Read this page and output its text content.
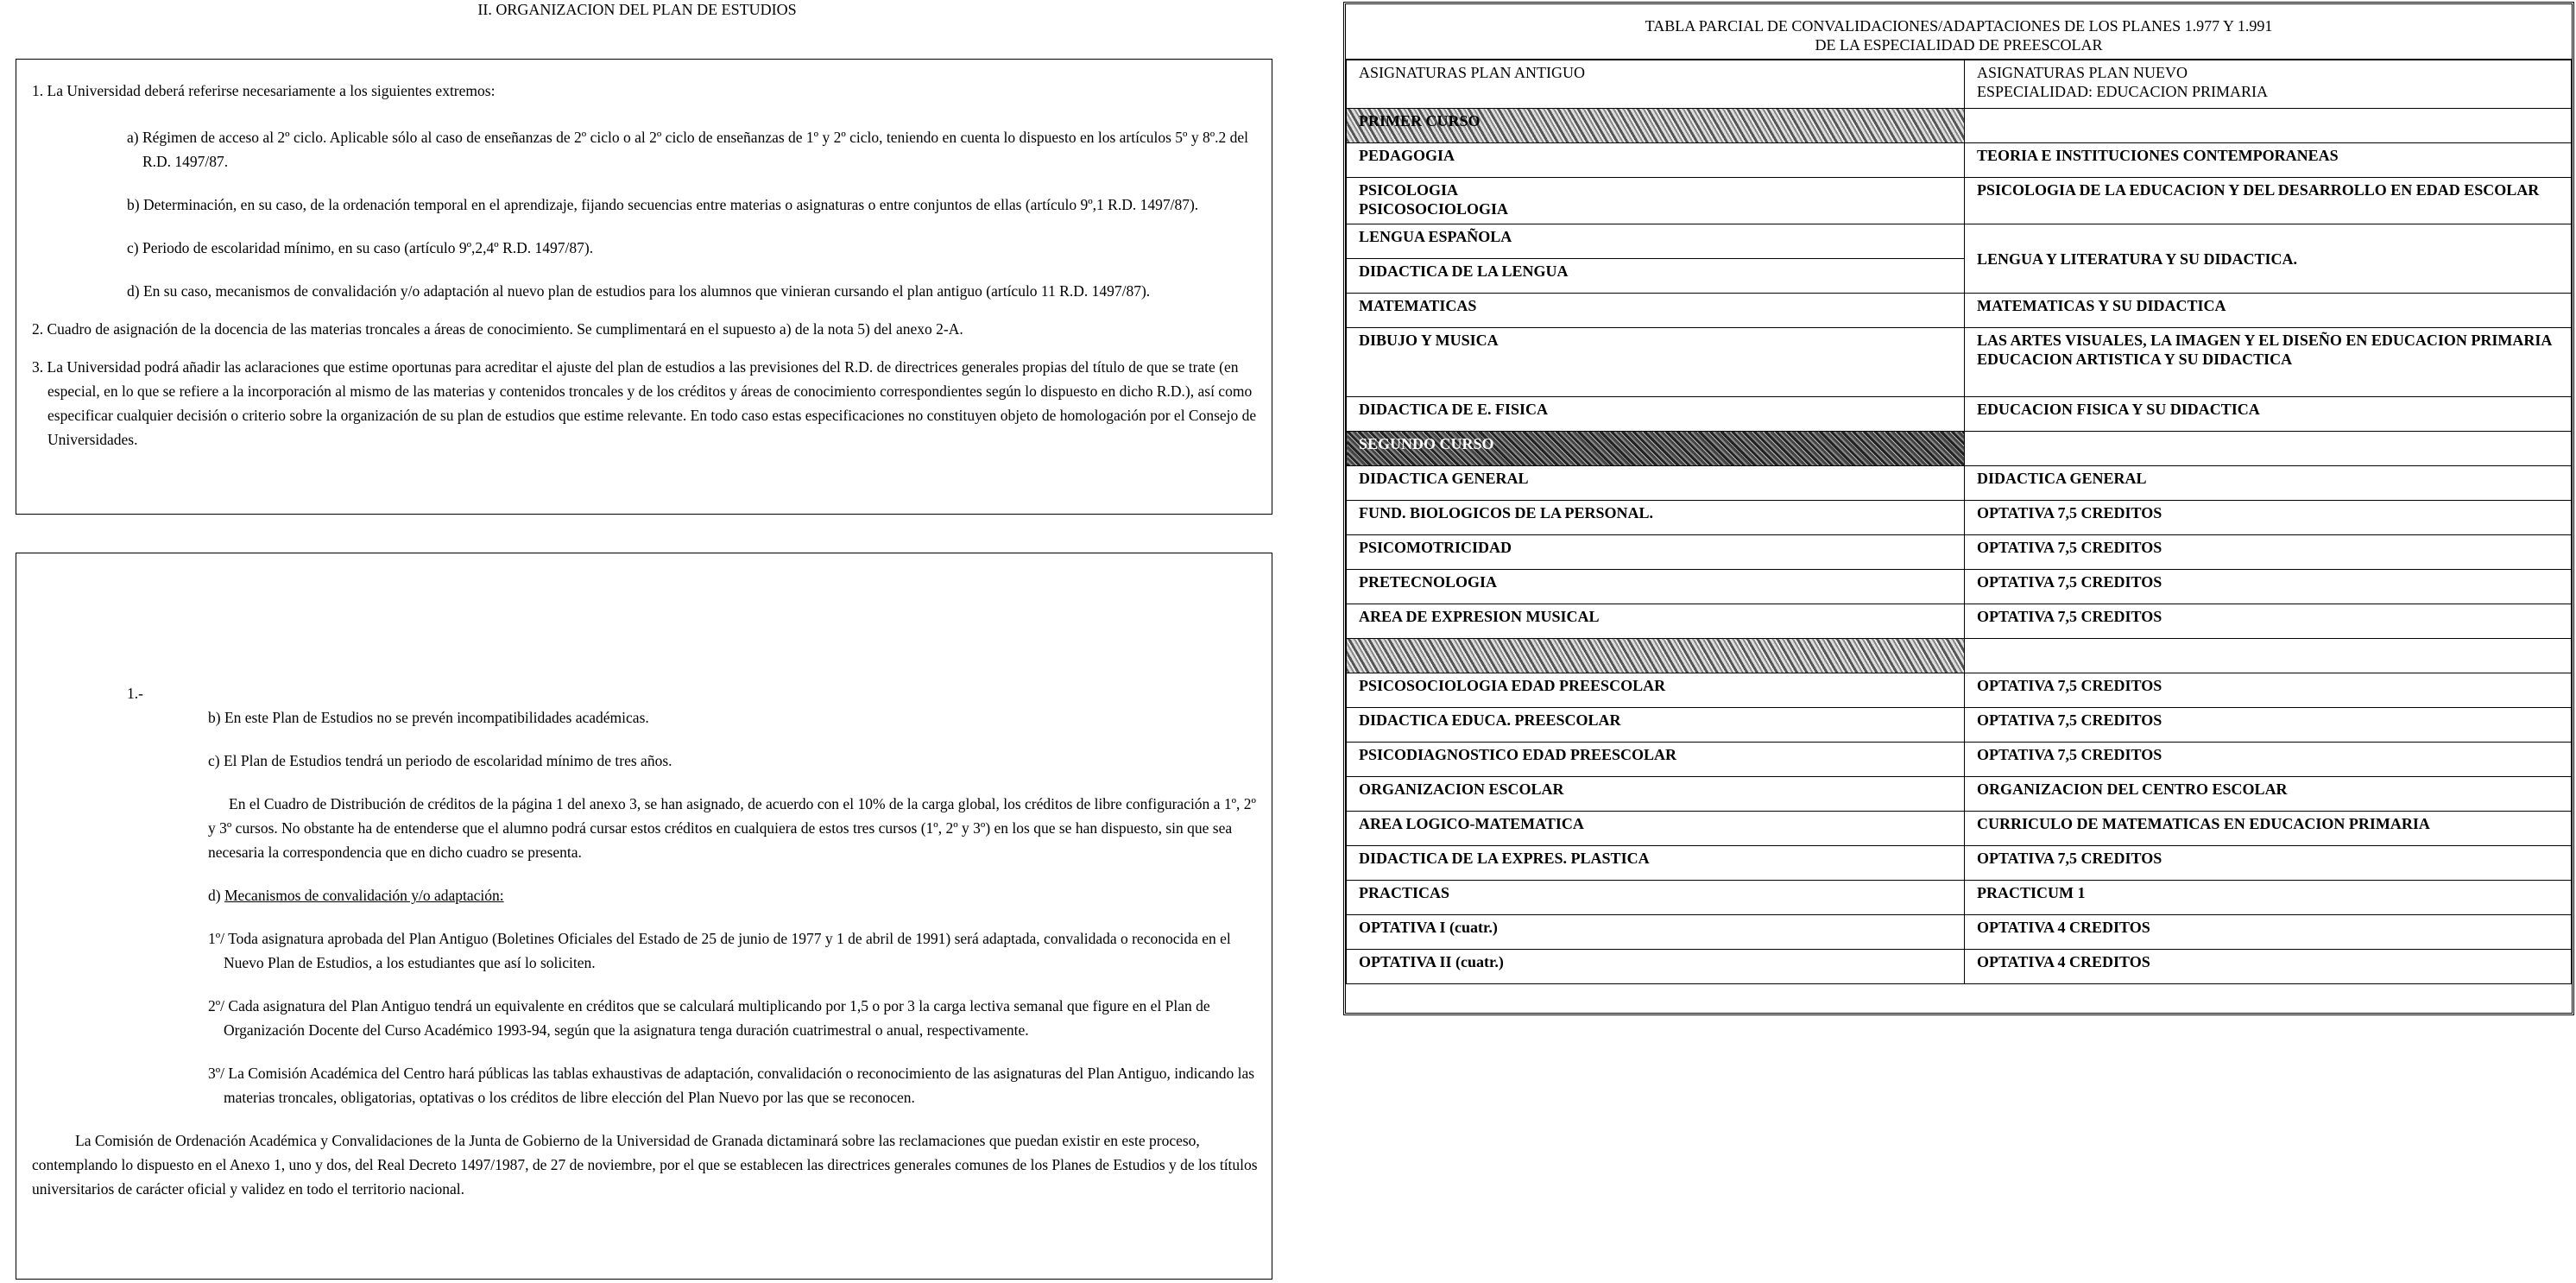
II. ORGANIZACION DEL PLAN DE ESTUDIOS

1. La Universidad deberá referirse necesariamente a los siguientes extremos:

a) Régimen de acceso al 2º ciclo. Aplicable sólo al caso de enseñanzas de 2º ciclo o al 2º ciclo de enseñanzas de 1º y 2º ciclo, teniendo en cuenta lo dispuesto en los artículos 5º y 8º.2 del R.D. 1497/87.

b) Determinación, en su caso, de la ordenación temporal en el aprendizaje, fijando secuencias entre materias o asignaturas o entre conjuntos de ellas (artículo 9º,1 R.D. 1497/87).

c) Periodo de escolaridad mínimo, en su caso (artículo 9º,2,4º R.D. 1497/87).

d) En su caso, mecanismos de convalidación y/o adaptación al nuevo plan de estudios para los alumnos que vinieran cursando el plan antiguo (artículo 11 R.D. 1497/87).

2. Cuadro de asignación de la docencia de las materias troncales a áreas de conocimiento. Se cumplimentará en el supuesto a) de la nota 5) del anexo 2-A.

3. La Universidad podrá añadir las aclaraciones que estime oportunas para acreditar el ajuste del plan de estudios a las previsiones del R.D. de directrices generales propias del título de que se trate (en especial, en lo que se refiere a la incorporación al mismo de las materias y contenidos troncales y de los créditos y áreas de conocimiento correspondientes según lo dispuesto en dicho R.D.), así como especificar cualquier decisión o criterio sobre la organización de su plan de estudios que estime relevante. En todo caso estas especificaciones no constituyen objeto de homologación por el Consejo de Universidades.

1.-

b) En este Plan de Estudios no se prevén incompatibilidades académicas.

c) El Plan de Estudios tendrá un periodo de escolaridad mínimo de tres años.

En el Cuadro de Distribución de créditos de la página 1 del anexo 3, se han asignado, de acuerdo con el 10% de la carga global, los créditos de libre configuración a 1º, 2º y 3º cursos. No obstante ha de entenderse que el alumno podrá cursar estos créditos en cualquiera de estos tres cursos (1º, 2º y 3º) en los que se han dispuesto, sin que sea necesaria la correspondencia que en dicho cuadro se presenta.

d) Mecanismos de convalidación y/o adaptación:

1º/ Toda asignatura aprobada del Plan Antiguo (Boletines Oficiales del Estado de 25 de junio de 1977 y 1 de abril de 1991) será adaptada, convalidada o reconocida en el Nuevo Plan de Estudios, a los estudiantes que así lo soliciten.

2º/ Cada asignatura del Plan Antiguo tendrá un equivalente en créditos que se calculará multiplicando por 1,5 o por 3 la carga lectiva semanal que figure en el Plan de Organización Docente del Curso Académico 1993-94, según que la asignatura tenga duración cuatrimestral o anual, respectivamente.

3º/ La Comisión Académica del Centro hará públicas las tablas exhaustivas de adaptación, convalidación o reconocimiento de las asignaturas del Plan Antiguo, indicando las materias troncales, obligatorias, optativas o los créditos de libre elección del Plan Nuevo por las que se reconocen.

La Comisión de Ordenación Académica y Convalidaciones de la Junta de Gobierno de la Universidad de Granada dictaminará sobre las reclamaciones que puedan existir en este proceso, contemplando lo dispuesto en el Anexo 1, uno y dos, del Real Decreto 1497/1987, de 27 de noviembre, por el que se establecen las directrices generales comunes de los Planes de Estudios y de los títulos universitarios de carácter oficial y validez en todo el territorio nacional.

TABLA PARCIAL DE CONVALIDACIONES/ADAPTACIONES DE LOS PLANES 1.977 Y 1.991
DE LA ESPECIALIDAD DE PREESCOLAR
ASIGNATURAS PLAN ANTIGUO	ASIGNATURAS PLAN NUEVO
ESPECIALIDAD: EDUCACION PRIMARIA

PRIMER CURSO	
PEDAGOGIA	TEORIA E INSTITUCIONES CONTEMPORANEAS

PSICOLOGIA
PSICOSOCIOLOGIA	PSICOLOGIA DE LA EDUCACION Y DEL DESARROLLO EN EDAD ESCOLAR
LENGUA ESPAÑOLA	LENGUA Y LITERATURA Y SU DIDACTICA.
DIDACTICA DE LA LENGUA	
MATEMATICAS	MATEMATICAS Y SU DIDACTICA
DIBUJO Y MUSICA	LAS ARTES VISUALES, LA IMAGEN Y EL DISEÑO EN EDUCACION PRIMARIA
EDUCACION ARTISTICA Y SU DIDACTICA

DIDACTICA DE E. FISICA	EDUCACION FISICA Y SU DIDACTICA
SEGUNDO CURSO	
DIDACTICA GENERAL	DIDACTICA GENERAL
FUND. BIOLOGICOS DE LA PERSONAL.	OPTATIVA 7,5 CREDITOS
PSICOMOTRICIDAD	OPTATIVA 7,5 CREDITOS
PRETECNOLOGIA	OPTATIVA 7,5 CREDITOS
AREA DE EXPRESION MUSICAL	OPTATIVA 7,5 CREDITOS

PSICOSOCIOLOGIA EDAD PREESCOLAR	OPTATIVA 7,5 CREDITOS
DIDACTICA EDUCA. PREESCOLAR	OPTATIVA 7,5 CREDITOS
PSICODIAGNOSTICO EDAD PREESCOLAR	OPTATIVA 7,5 CREDITOS
ORGANIZACION ESCOLAR	ORGANIZACION DEL CENTRO ESCOLAR
AREA LOGICO-MATEMATICA	CURRICULO DE MATEMATICAS EN EDUCACION PRIMARIA
DIDACTICA DE LA EXPRES. PLASTICA	OPTATIVA 7,5 CREDITOS
PRACTICAS	PRACTICUM 1
OPTATIVA I (cuatr.)	OPTATIVA 4 CREDITOS
OPTATIVA II (cuatr.)	OPTATIVA 4 CREDITOS
